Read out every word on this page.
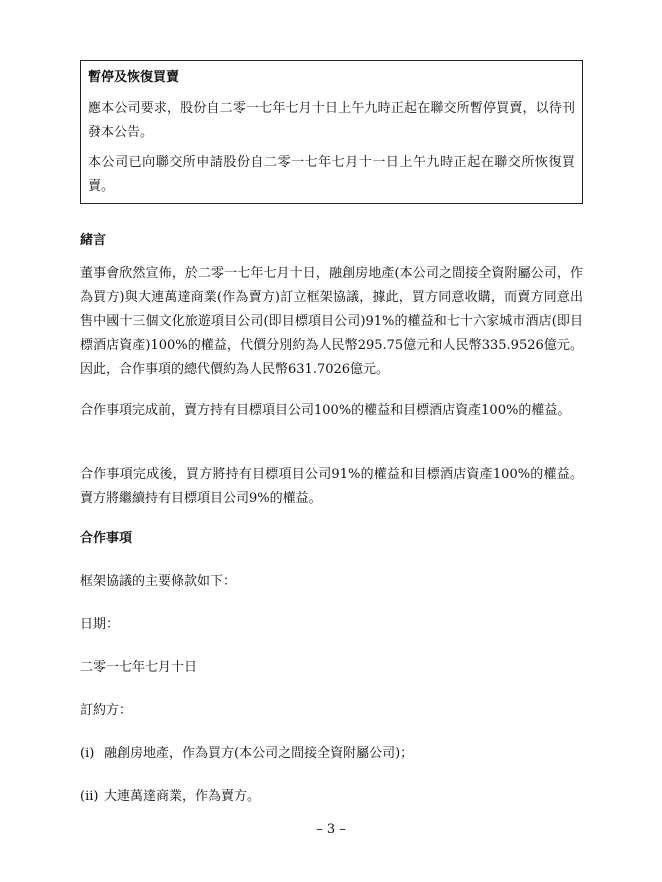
暫停及恢復買賣

應本公司要求，股份自二零一七年七月十日上午九時正起在聯交所暫停買賣，以待刊發本公告。

本公司已向聯交所申請股份自二零一七年七月十一日上午九時正起在聯交所恢復買賣。

緒言

董事會欣然宣佈，於二零一七年七月十日，融創房地產(本公司之間接全資附屬公司，作為買方)與大連萬達商業(作為賣方)訂立框架協議，據此，買方同意收購，而賣方同意出售中國十三個文化旅遊項目公司(即目標項目公司)91%的權益和七十六家城市酒店(即目標酒店資產)100%的權益，代價分別約為人民幣295.75億元和人民幣335.9526億元。因此，合作事項的總代價約為人民幣631.7026億元。

合作事項完成前，賣方持有目標項目公司100%的權益和目標酒店資產100%的權益。

合作事項完成後，買方將持有目標項目公司91%的權益和目標酒店資產100%的權益。賣方將繼續持有目標項目公司9%的權益。

合作事項

框架協議的主要條款如下：

日期：

二零一七年七月十日

訂約方：

(i) 融創房地產，作為買方(本公司之間接全資附屬公司)；

(ii) 大連萬達商業，作為賣方。

– 3 –
